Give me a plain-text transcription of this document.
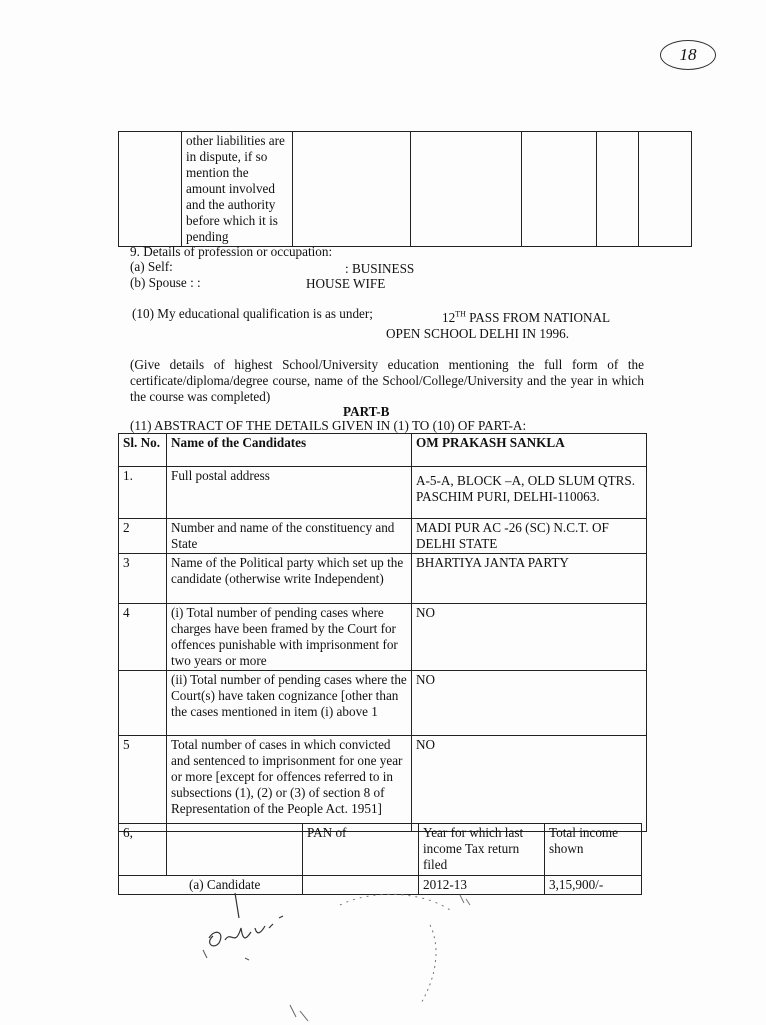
18
	other liabilities are in dispute, if so mention the amount involved and the authority before which it is pending					
9. Details of profession or occupation:
(a) Self:	: BUSINESS
(b) Spouse : :	HOUSE WIFE
(10) My educational qualification is as under;	12TH PASS FROM NATIONAL
OPEN SCHOOL DELHI IN 1996.
(Give details of highest School/University education mentioning the full form of the certificate/diploma/degree course, name of the School/College/University and the year in which the course was completed)
PART-B
(11) ABSTRACT OF THE DETAILS GIVEN IN (1) TO (10) OF PART-A:
Sl. No.	Name of the Candidates	OM PRAKASH SANKLA
1.	Full postal address	A-5-A, BLOCK –A, OLD SLUM QTRS. PASCHIM PURI, DELHI-110063.
2	Number and name of the constituency and State	MADI PUR AC -26 (SC) N.C.T. OF DELHI STATE
3	Name of the Political party which set up the candidate (otherwise write Independent)	BHARTIYA JANTA PARTY
4	(i) Total number of pending cases where charges have been framed by the Court for offences punishable with imprisonment for two years or more	NO
	(ii) Total number of pending cases where the Court(s) have taken cognizance [other than the cases mentioned in item (i) above 1	NO
5	Total number of cases in which convicted and sentenced to imprisonment for one year or more [except for offences referred to in subsections (1), (2) or (3) of section 8 of Representation of the People Act. 1951]	NO
6,		PAN of	Year for which last income Tax return filed	Total income shown
(a) Candidate			2012-13	3,15,900/-
